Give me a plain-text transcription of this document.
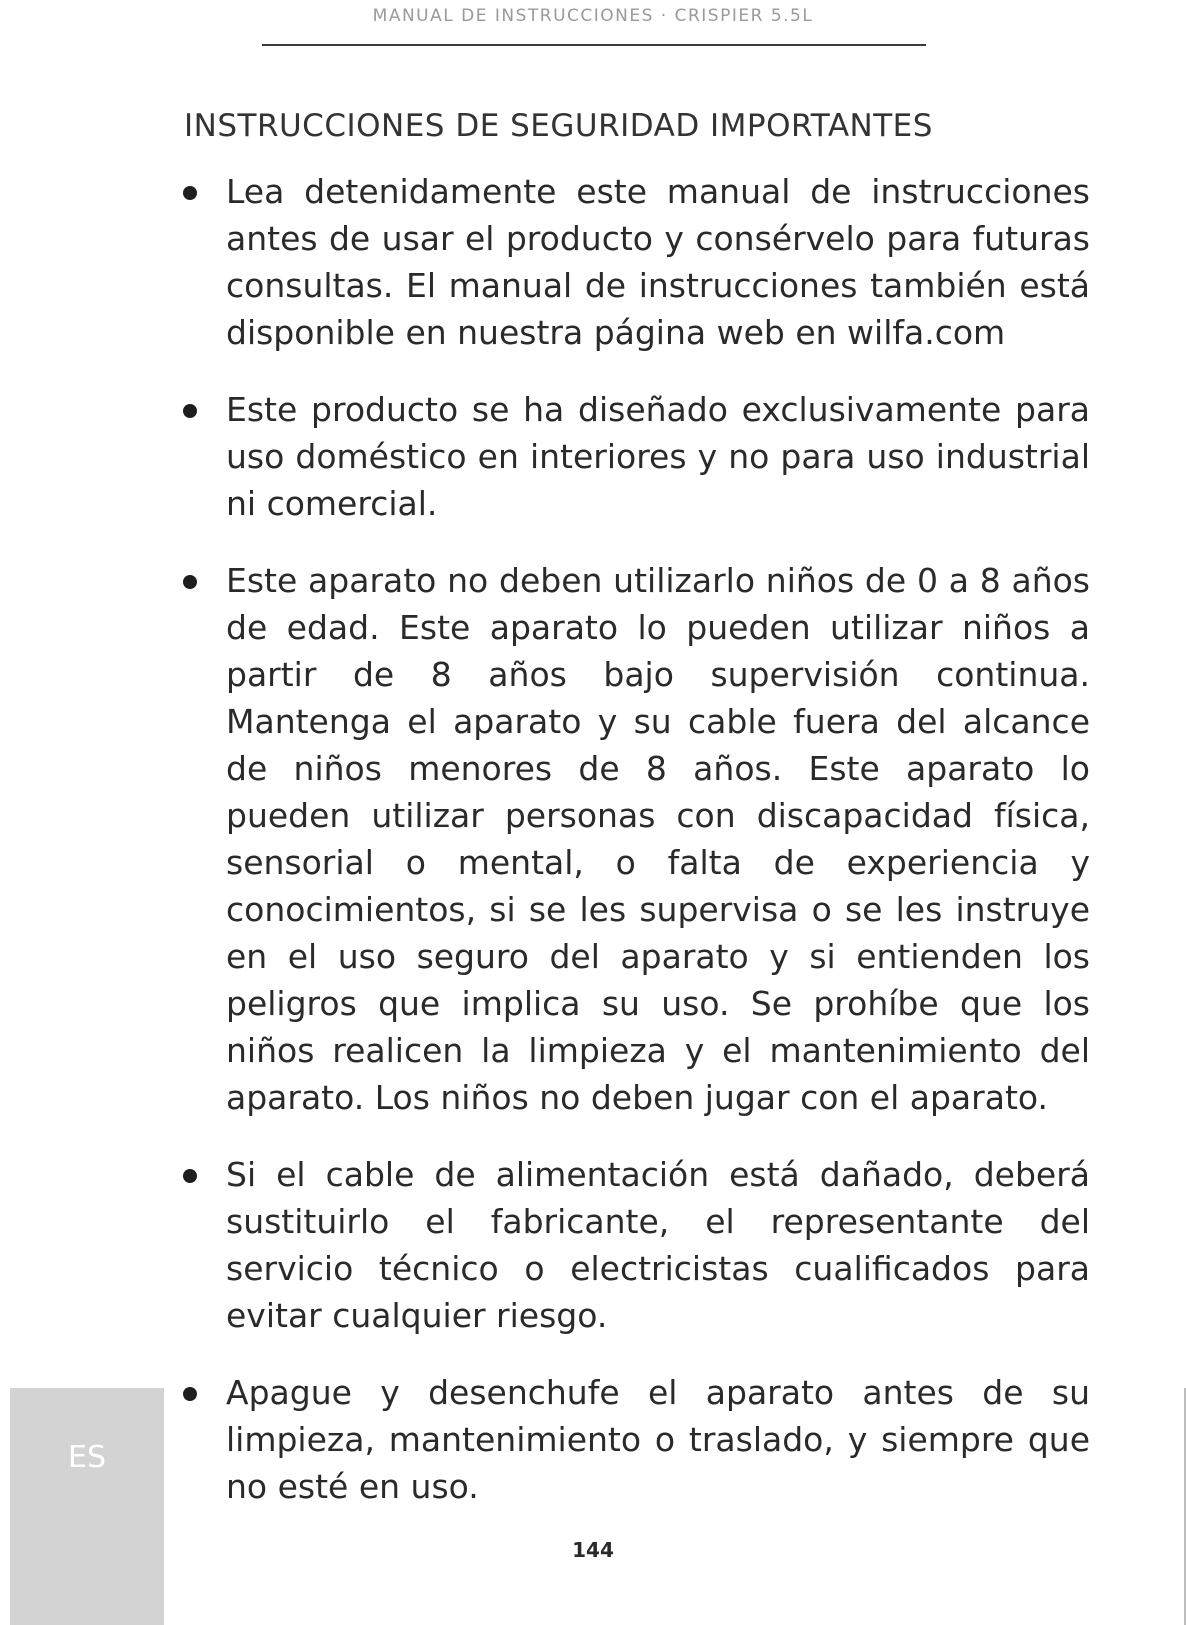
MANUAL DE INSTRUCCIONES · CRISPIER 5.5L
INSTRUCCIONES DE SEGURIDAD IMPORTANTES
Lea detenidamente este manual de instrucciones antes de usar el producto y consérvelo para futuras consultas. El manual de instrucciones también está disponible en nuestra página web en wilfa.com
Este producto se ha diseñado exclusivamente para uso doméstico en interiores y no para uso industrial ni comercial.
Este aparato no deben utilizarlo niños de 0 a 8 años de edad. Este aparato lo pueden utilizar niños a partir de 8 años bajo supervisión continua. Mantenga el aparato y su cable fuera del alcance de niños menores de 8 años. Este aparato lo pueden utilizar personas con discapacidad física, sensorial o mental, o falta de experiencia y conocimientos, si se les supervisa o se les instruye en el uso seguro del aparato y si entienden los peligros que implica su uso. Se prohíbe que los niños realicen la limpieza y el mantenimiento del aparato. Los niños no deben jugar con el aparato.
Si el cable de alimentación está dañado, deberá sustituirlo el fabricante, el representante del servicio técnico o electricistas cualificados para evitar cualquier riesgo.
Apague y desenchufe el aparato antes de su limpieza, mantenimiento o traslado, y siempre que no esté en uso.
ES
144
